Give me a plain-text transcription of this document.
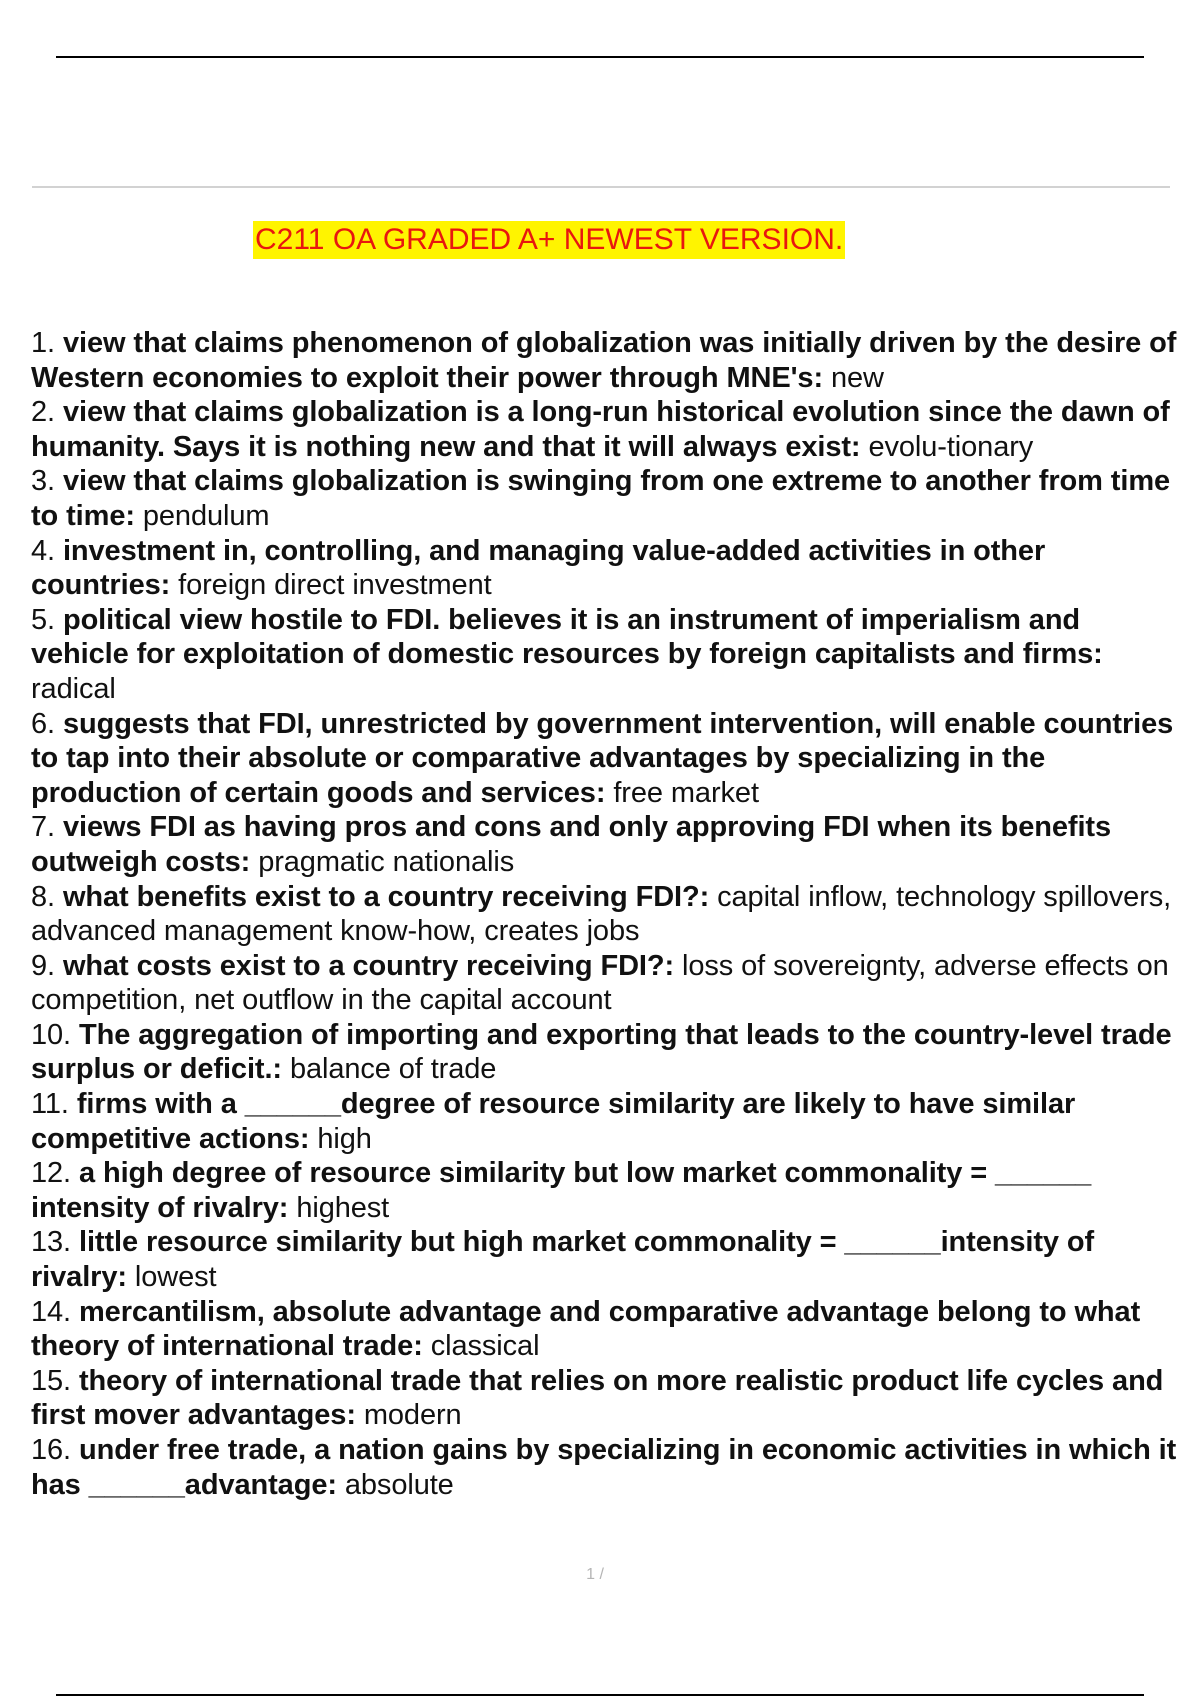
C211 OA GRADED A+ NEWEST VERSION.

1. view that claims phenomenon of globalization was initially driven by the desire of Western economies to exploit their power through MNE's: new

2. view that claims globalization is a long-run historical evolution since the dawn of humanity. Says it is nothing new and that it will always exist: evolu-tionary

3. view that claims globalization is swinging from one extreme to another from time to time: pendulum

4. investment in, controlling, and managing value-added activities in other countries: foreign direct investment

5. political view hostile to FDI. believes it is an instrument of imperialism and vehicle for exploitation of domestic resources by foreign capitalists and firms: radical

6. suggests that FDI, unrestricted by government intervention, will enable countries to tap into their absolute or comparative advantages by specializing in the production of certain goods and services: free market

7. views FDI as having pros and cons and only approving FDI when its benefits outweigh costs: pragmatic nationalis

8. what benefits exist to a country receiving FDI?: capital inflow, technology spillovers, advanced management know-how, creates jobs

9. what costs exist to a country receiving FDI?: loss of sovereignty, adverse effects on competition, net outflow in the capital account

10. The aggregation of importing and exporting that leads to the country-level trade surplus or deficit.: balance of trade

11. firms with a ______degree of resource similarity are likely to have similar competitive actions: high

12. a high degree of resource similarity but low market commonality = ______ intensity of rivalry: highest

13. little resource similarity but high market commonality = ______intensity of rivalry: lowest

14. mercantilism, absolute advantage and comparative advantage belong to what theory of international trade: classical

15. theory of international trade that relies on more realistic product life cycles and first mover advantages: modern

16. under free trade, a nation gains by specializing in economic activities in which it has ______advantage: absolute

1 /
